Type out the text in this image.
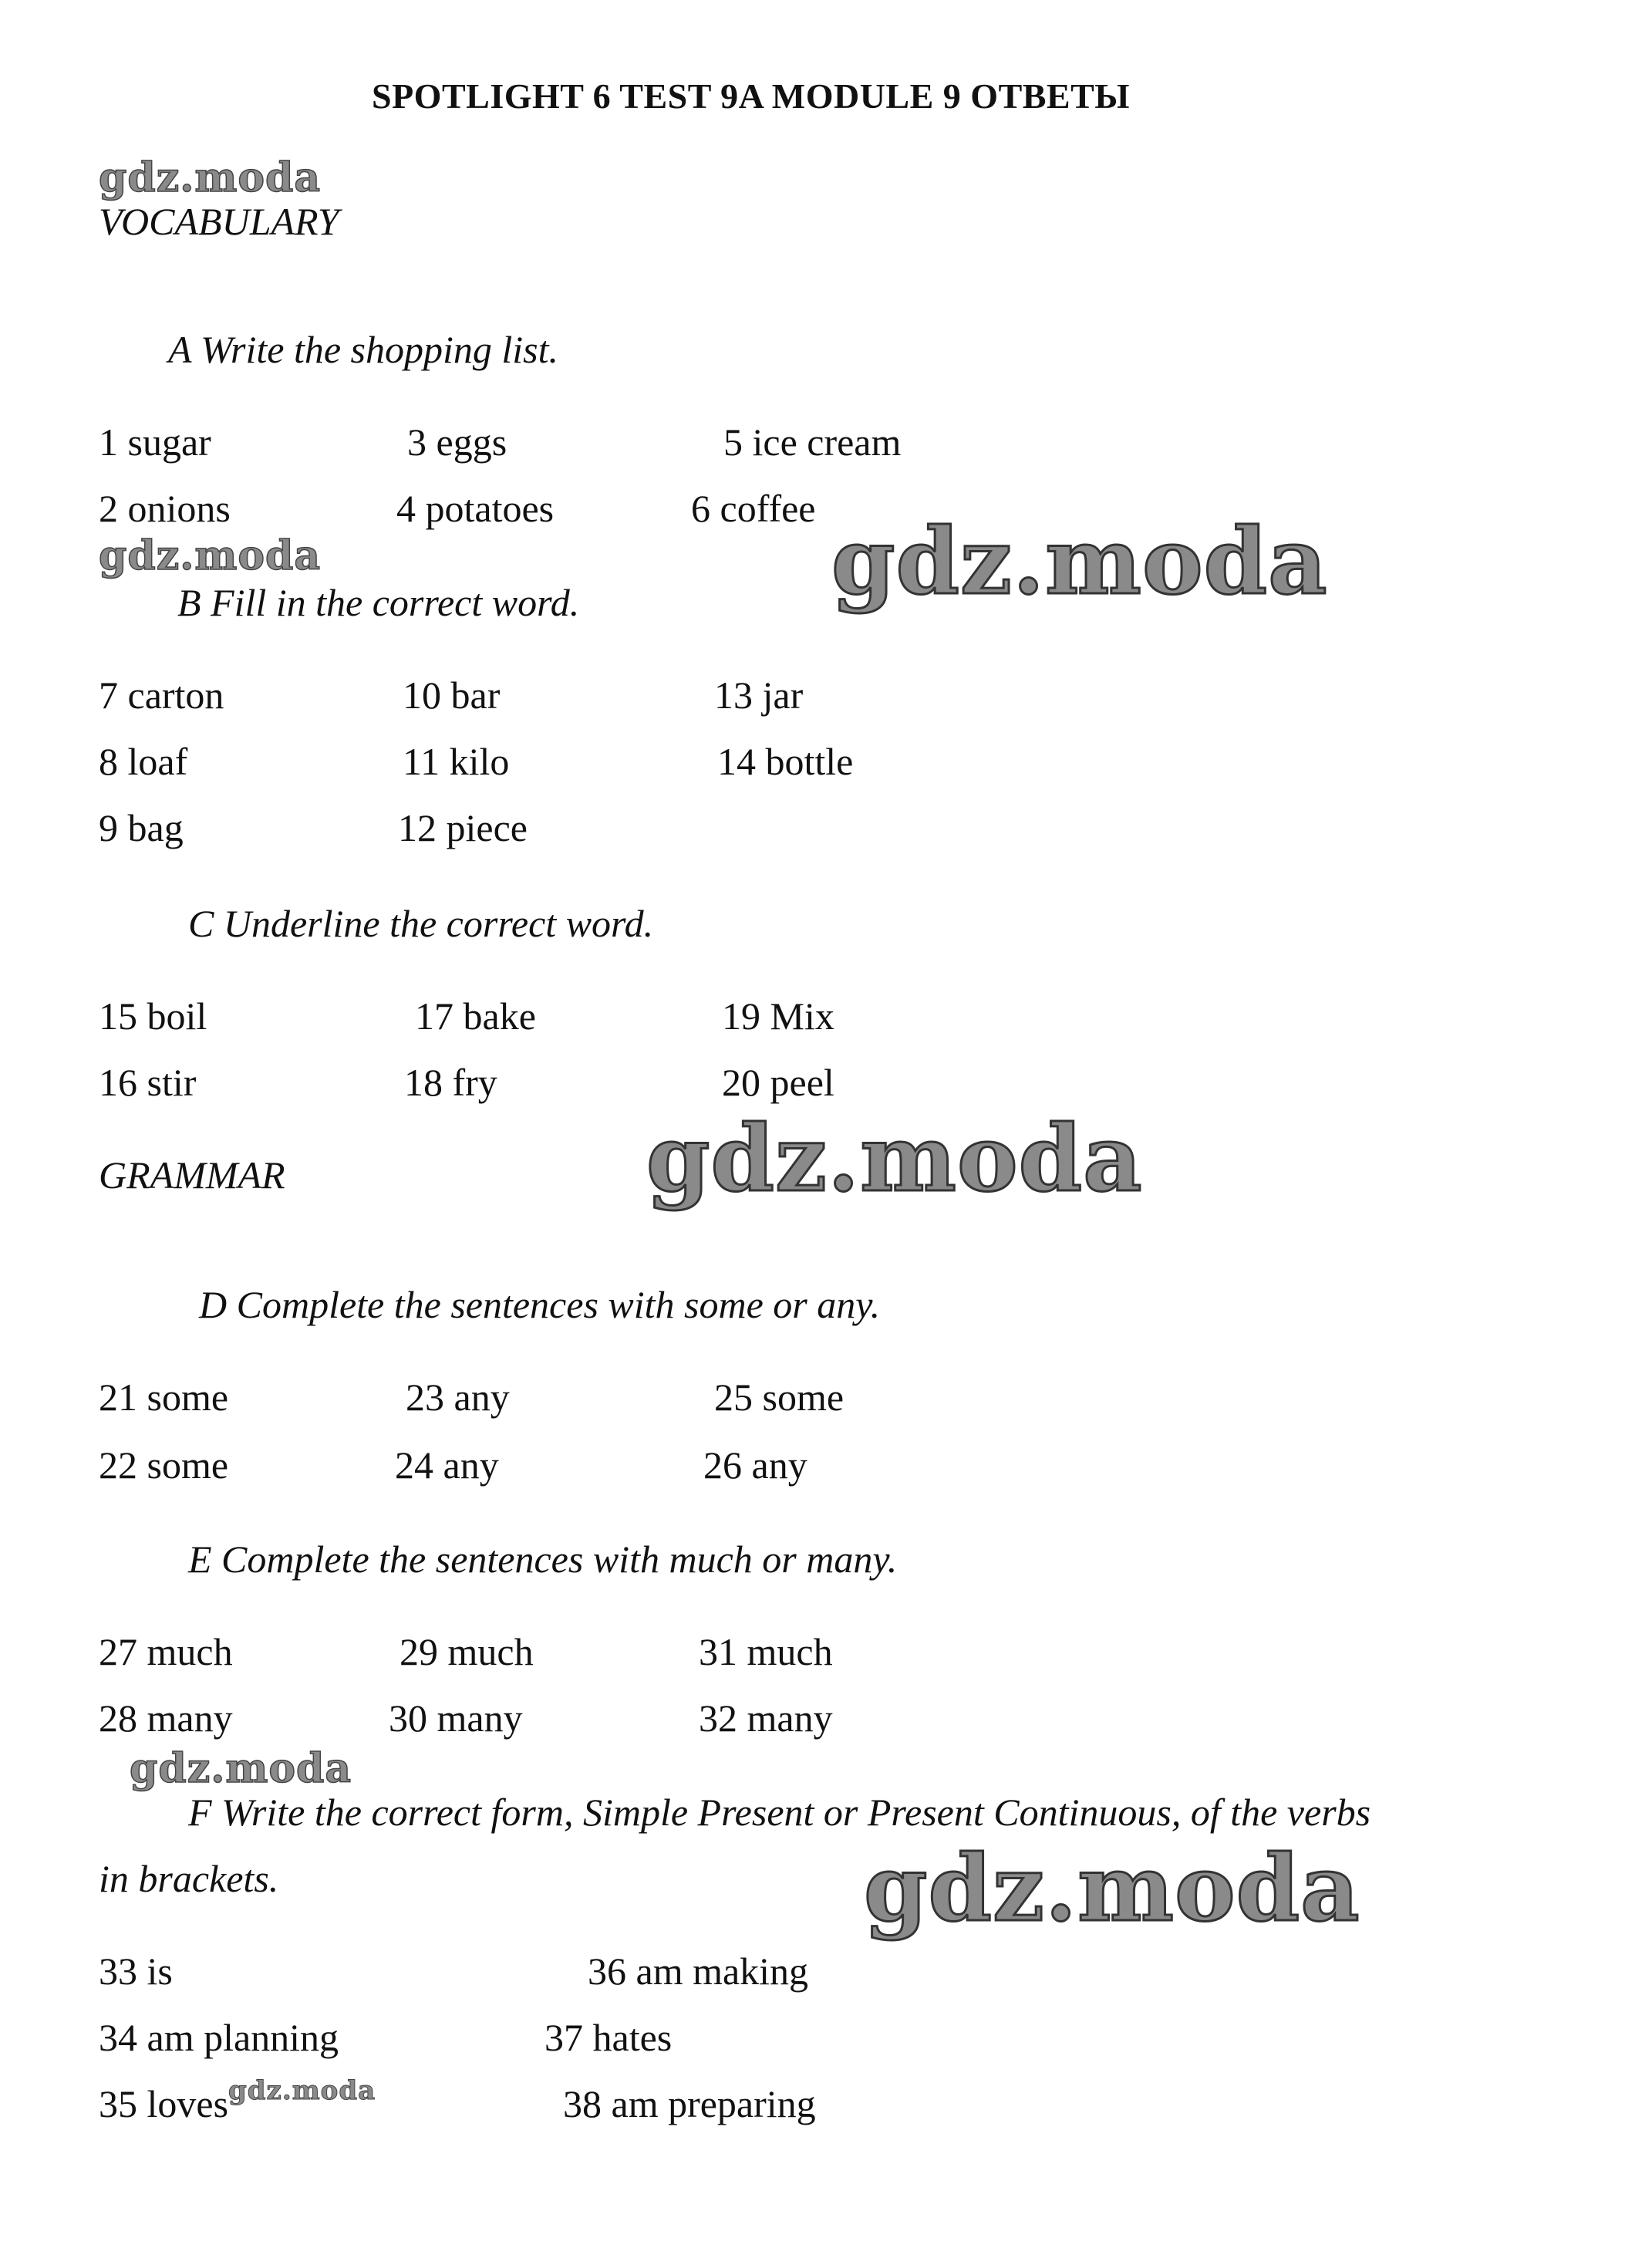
SPOTLIGHT 6 TEST 9A MODULE 9 ОТВЕТЫ
gdz.moda
gdz.moda	gdz.moda
gdz.moda
gdz.moda
gdz.moda
gdz.moda
VOCABULARY
A Write the shopping list.
1 sugar	3 eggs	5 ice cream
2 onions	4 potatoes	6 coffee
B Fill in the correct word.
7 carton	10 bar	13 jar
8 loaf	11 kilo	14 bottle
9 bag	12 piece
C Underline the correct word.
15 boil	17 bake	19 Mix
16 stir	18 fry	20 peel
GRAMMAR
D Complete the sentences with some or any.
21 some	23 any	25 some
22 some	24 any	26 any
E Complete the sentences with much or many.
27 much	29 much	31 much
28 many	30 many	32 many
F Write the correct form, Simple Present or Present Continuous, of the verbs
in brackets.
33 is	36 am making
34 am planning	37 hates
35 loves	38 am preparing
